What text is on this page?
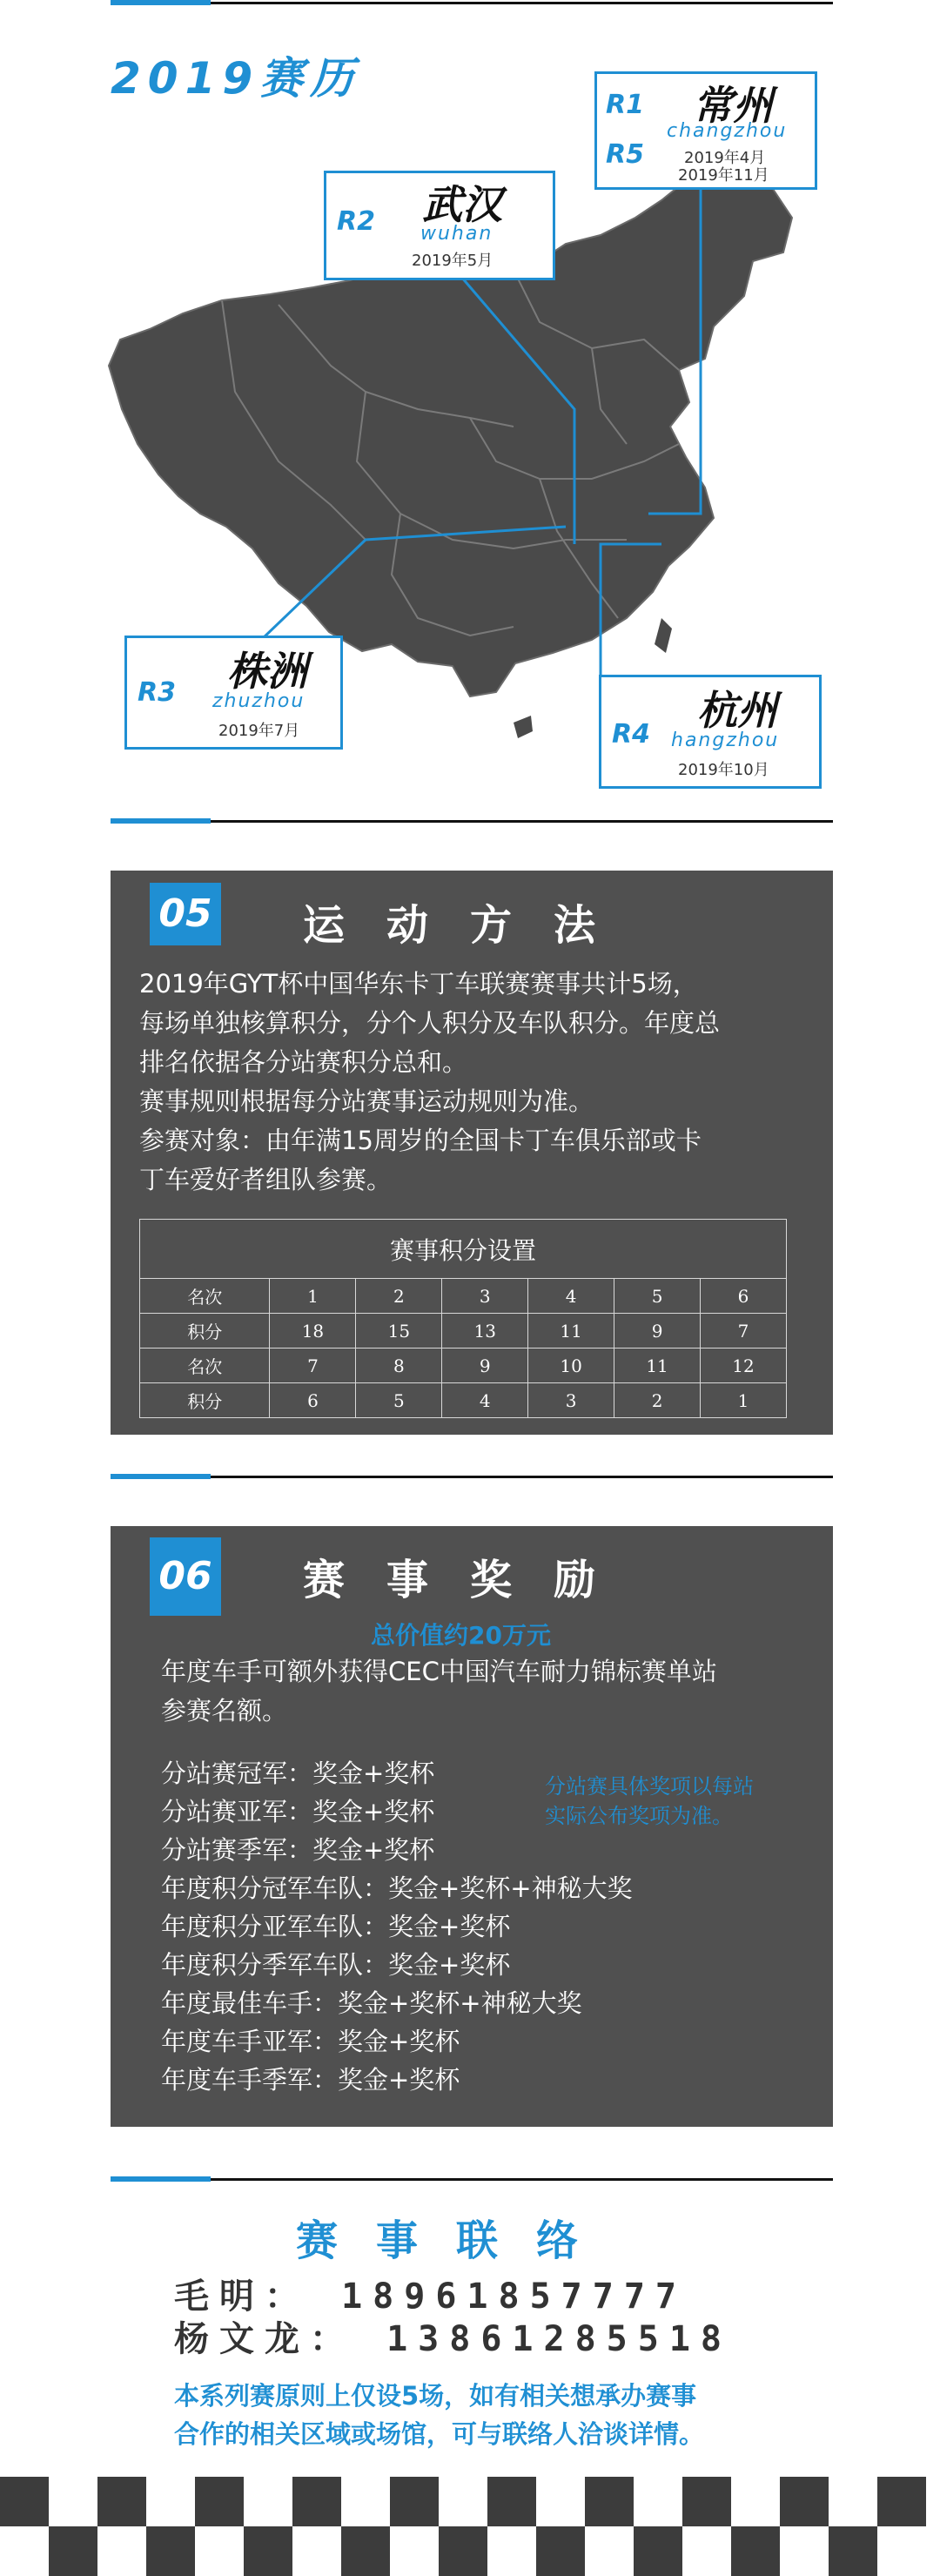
2019赛历
R1
R5
常州
changzhou
2019年4月
2019年11月
R2 武汉
wuhan
2019年5月
R3 株洲
zhuzhou
2019年7月	R4
杭州
hangzhou
2019年10月
05 运动方法
2019年GYT杯中国华东卡丁车联赛赛事共计5场，
每场单独核算积分，分个人积分及车队积分。年度总
排名依据各分站赛积分总和。
赛事规则根据每分站赛事运动规则为准。
参赛对象：由年满15周岁的全国卡丁车俱乐部或卡
丁车爱好者组队参赛。
赛事积分设置						
名次	1	2	3	4	5	6
积分	18	15	13	11	9	7
名次	7	8	9	10	11	12
积分	6	5	4	3	2	1
06 赛事奖励
总价值约20万元
年度车手可额外获得CEC中国汽车耐力锦标赛单站
参赛名额。
分站赛冠军：奖金+奖杯
分站赛亚军：奖金+奖杯
分站赛季军：奖金+奖杯
年度积分冠军车队：奖金+奖杯+神秘大奖
年度积分亚军车队：奖金+奖杯
年度积分季军车队：奖金+奖杯
年度最佳车手：奖金+奖杯+神秘大奖
年度车手亚军：奖金+奖杯
年度车手季军：奖金+奖杯
分站赛具体奖项以每站
实际公布奖项为准。
赛事联络
毛明： 18961857777
杨文龙： 13861285518
本系列赛原则上仅设5场，如有相关想承办赛事
合作的相关区域或场馆，可与联络人洽谈详情。
